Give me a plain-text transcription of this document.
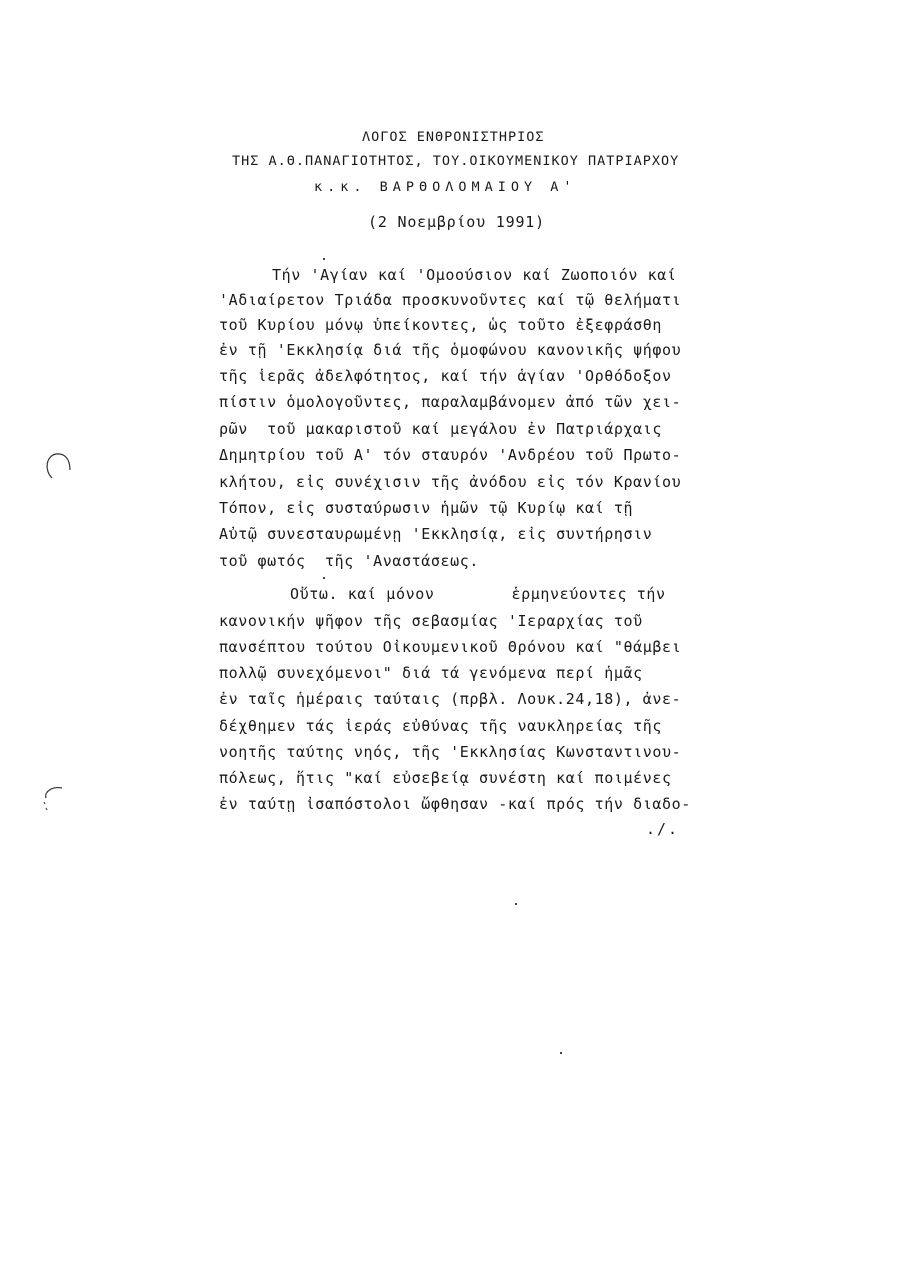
ΛΟΓΟΣ ΕΝΘΡΟΝΙΣΤΗΡΙΟΣ
ΤΗΣ Α.Θ.ΠΑΝΑΓΙΟΤΗΤΟΣ, ΤΟΥ.ΟΙΚΟΥΜΕΝΙΚΟΥ ΠΑΤΡΙΑΡΧΟΥ
κ.κ. ΒΑΡΘΟΛΟΜΑΙΟΥ Α'
(2 Νοεμβρίου 1991)
Τήν 'Αγίαν καί 'Ομοούσιον καί Ζωοποιόν καί
'Αδιαίρετον Τριάδα προσκυνοῦντες καί τῷ θελήματι
τοῦ Κυρίου μόνῳ ὑπείκοντες, ὡς τοῦτο ἐξεφράσθη
ἐν τῇ 'Εκκλησίᾳ διά τῆς ὁμοφώνου κανονικῆς ψήφου
τῆς ἱερᾶς ἀδελφότητος, καί τήν ἁγίαν 'Ορθόδοξον
πίστιν ὁμολογοῦντες, παραλαμβάνομεν ἀπό τῶν χει-
ρῶν  τοῦ μακαριστοῦ καί μεγάλου ἐν Πατριάρχαις
Δημητρίου τοῦ Α' τόν σταυρόν 'Ανδρέου τοῦ Πρωτο-
κλήτου, εἰς συνέχισιν τῆς ἀνόδου εἰς τόν Κρανίου
Τόπον, εἰς συσταύρωσιν ἡμῶν τῷ Κυρίῳ καί τῇ
Αὐτῷ συνεσταυρωμένῃ 'Εκκλησίᾳ, εἰς συντήρησιν
τοῦ φωτός  τῆς 'Αναστάσεως.
Οὕτω. καί μόνον        ἑρμηνεύοντες τήν
κανονικήν ψῆφον τῆς σεβασμίας 'Ιεραρχίας τοῦ
πανσέπτου τούτου Οἰκουμενικοῦ Θρόνου καί "θάμβει
πολλῷ συνεχόμενοι" διά τά γενόμενα περί ἡμᾶς
ἐν ταῖς ἡμέραις ταύταις (πρβλ. Λουκ.24,18), ἀνε-
δέχθημεν τάς ἱεράς εὐθύνας τῆς ναυκληρείας τῆς
νοητῆς ταύτης νηός, τῆς 'Εκκλησίας Κωνσταντινου-
πόλεως, ἥτις "καί εὐσεβείᾳ συνέστη καί ποιμένες
ἐν ταύτῃ ἰσαπόστολοι ὤφθησαν -καί πρός τήν διαδο-
./.
